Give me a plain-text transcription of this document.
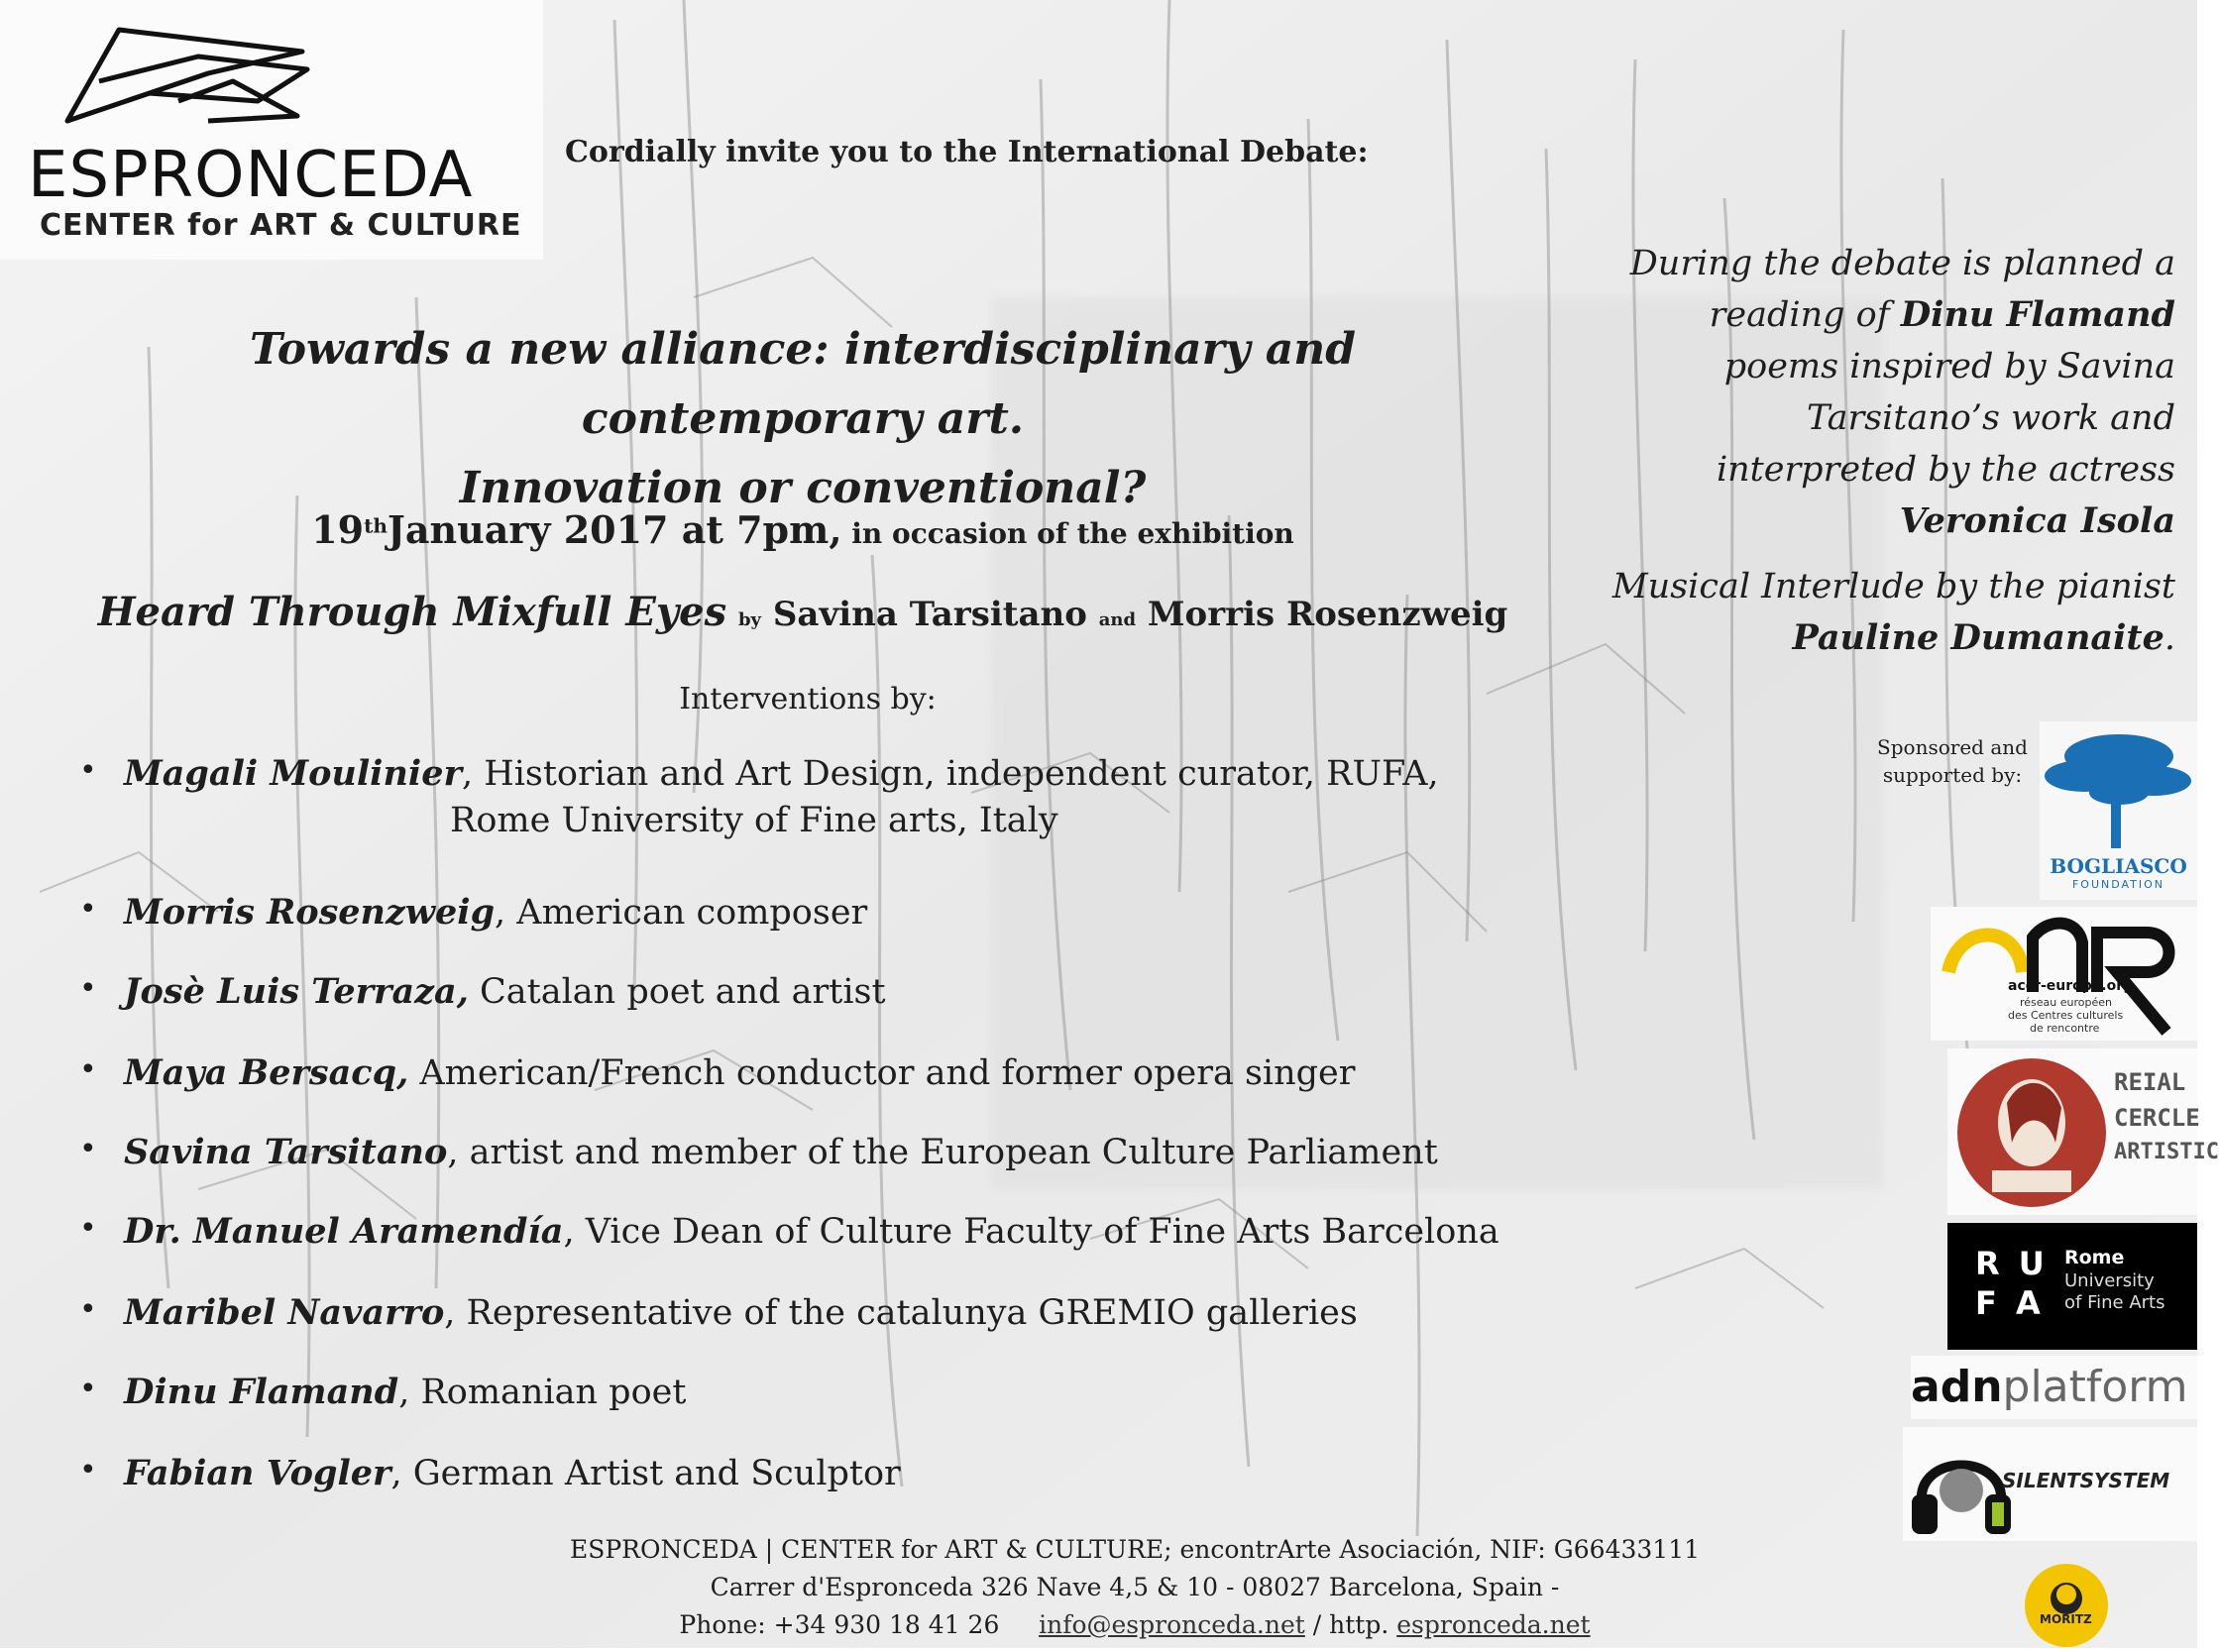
ESPRONCEDA
CENTER for ART & CULTURE
Cordially invite you to the International Debate:
Towards a new alliance: interdisciplinary and contemporary art.
Innovation or conventional?
19thJanuary 2017 at 7pm, in occasion of the exhibition
Heard Through Mixfull Eyes by Savina Tarsitano and Morris Rosenzweig
Interventions by:
• Magali Moulinier, Historian and Art Design, independent curator, RUFA,
Rome University of Fine arts, Italy
• Morris Rosenzweig, American composer
• Josè Luis Terraza, Catalan poet and artist
• Maya Bersacq, American/French conductor and former opera singer
• Savina Tarsitano, artist and member of the European Culture Parliament
• Dr. Manuel Aramendía, Vice Dean of Culture Faculty of Fine Arts Barcelona
• Maribel Navarro, Representative of the catalunya GREMIO galleries
• Dinu Flamand, Romanian poet
• Fabian Vogler, German Artist and Sculptor

During the debate is planned a reading of Dinu Flamand poems inspired by Savina Tarsitano’s work and interpreted by the actress Veronica Isola

Musical Interlude by the pianist Pauline Dumanaite.

Sponsored and supported by:
BOGLIASCO
FOUNDATION
accr-europe.org
réseau européen
des Centres culturels
de rencontre
REIAL
CERCLE
ARTISTIC
R U
F A
Rome
University
of Fine Arts
adnplatform
SILENTSYSTEM
MORITZ
ESPRONCEDA | CENTER for ART & CULTURE; encontrArte Asociación, NIF: G66433111
Carrer d'Espronceda 326 Nave 4,5 & 10 - 08027 Barcelona, Spain -
Phone: +34 930 18 41 26 info@espronceda.net / http. espronceda.net
